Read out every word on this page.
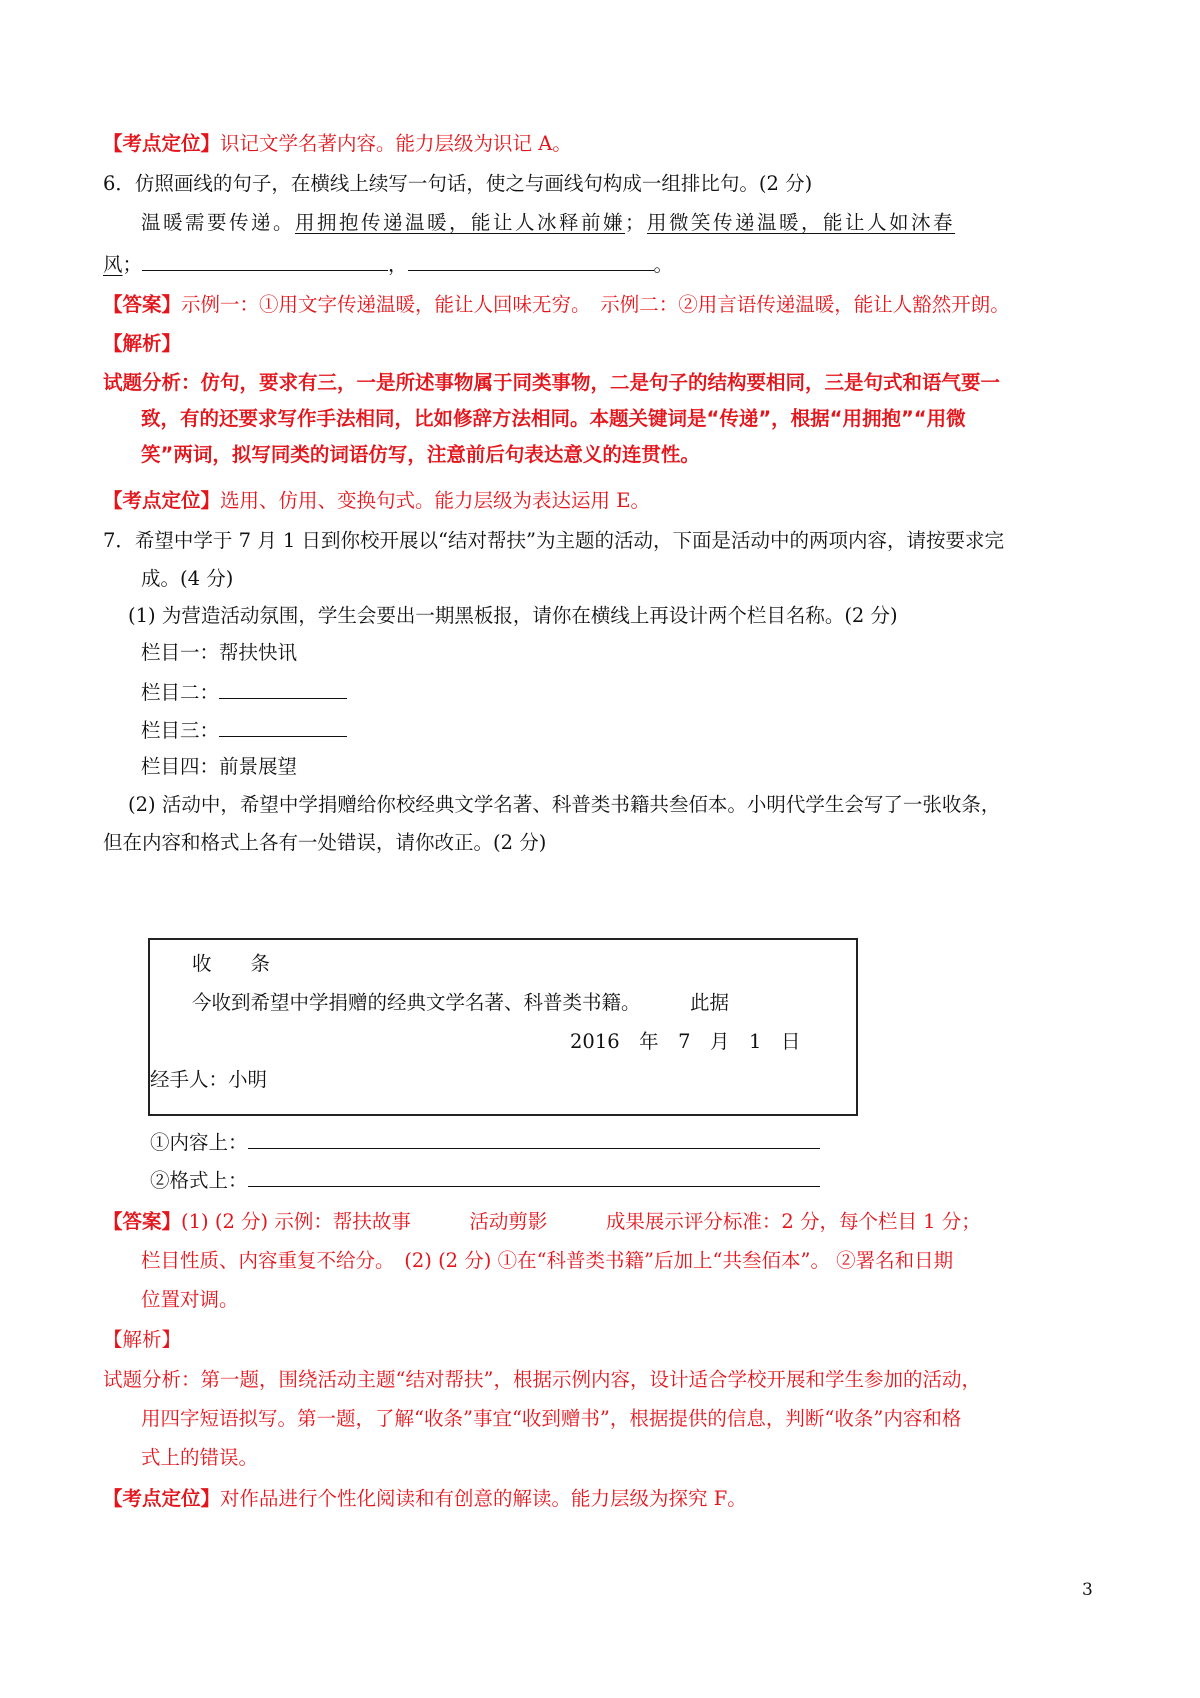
【考点定位】识记文学名著内容。能力层级为识记 A。
6．仿照画线的句子，在横线上续写一句话，使之与画线句构成一组排比句。(2 分)
温暖需要传递。用拥抱传递温暖，能让人冰释前嫌；用微笑传递温暖，能让人如沐春
风；	，	。
【答案】示例一：①用文字传递温暖，能让人回味无穷。　示例二：②用言语传递温暖，能让人豁然开朗。
【解析】
试题分析：仿句，要求有三，一是所述事物属于同类事物，二是句子的结构要相同，三是句式和语气要一
致，有的还要求写作手法相同，比如修辞方法相同。本题关键词是“传递”，根据“用拥抱”“用微
笑”两词，拟写同类的词语仿写，注意前后句表达意义的连贯性。
【考点定位】选用、仿用、变换句式。能力层级为表达运用 E。
7．希望中学于 7 月 1 日到你校开展以“结对帮扶”为主题的活动，下面是活动中的两项内容，请按要求完
成。(4 分)
(1) 为营造活动氛围，学生会要出一期黑板报，请你在横线上再设计两个栏目名称。(2 分)
栏目一：帮扶快讯
栏目二：
栏目三：
栏目四：前景展望
(2) 活动中，希望中学捐赠给你校经典文学名著、科普类书籍共叁佰本。小明代学生会写了一张收条，
但在内容和格式上各有一处错误，请你改正。(2 分)
收　　条
今收到希望中学捐赠的经典文学名著、科普类书籍。	此据
2016　年　7　月　1　日
经手人：小明
①内容上：
②格式上：
【答案】(1) (2 分) 示例：帮扶故事　　　活动剪影　　　成果展示评分标准：2 分，每个栏目 1 分；
栏目性质、内容重复不给分。　(2) (2 分) ①在“科普类书籍”后加上“共叁佰本”。 ②署名和日期
位置对调。
【解析】
试题分析：第一题，围绕活动主题“结对帮扶”，根据示例内容，设计适合学校开展和学生参加的活动，
用四字短语拟写。第一题，了解“收条”事宜“收到赠书”，根据提供的信息，判断“收条”内容和格
式上的错误。
【考点定位】对作品进行个性化阅读和有创意的解读。能力层级为探究 F。
3
